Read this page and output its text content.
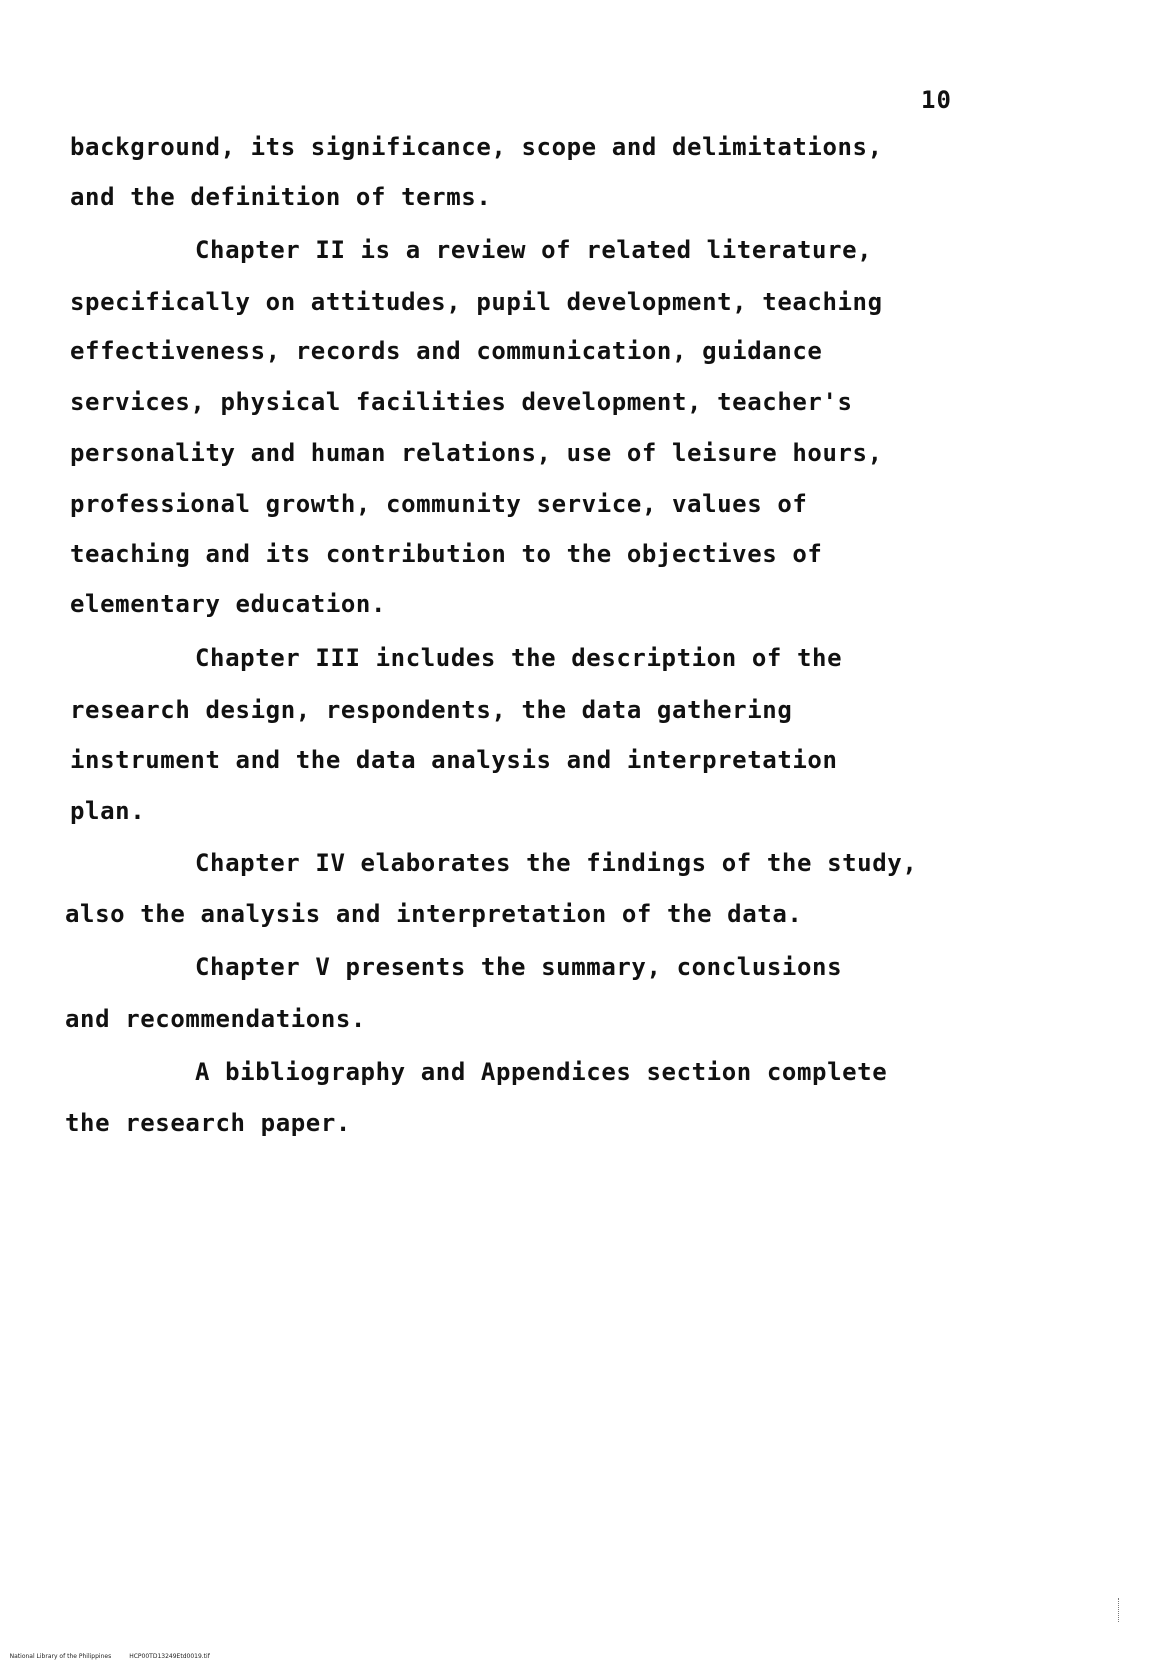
10
background, its significance, scope and delimitations,
and the definition of terms.
Chapter II is a review of related literature,
specifically on attitudes, pupil development, teaching
effectiveness, records and communication, guidance
services, physical facilities development, teacher's
personality and human relations, use of leisure hours,
professional growth, community service, values of
teaching and its contribution to the objectives of
elementary education.
Chapter III includes the description of the
research design, respondents, the data gathering
instrument and the data analysis and interpretation
plan.
Chapter IV elaborates the findings of the study,
also the analysis and interpretation of the data.
Chapter V presents the summary, conclusions
and recommendations.
A bibliography and Appendices section complete
the research paper.

National Library of the Philippines	HCP00TD13249Etd0019.tif
